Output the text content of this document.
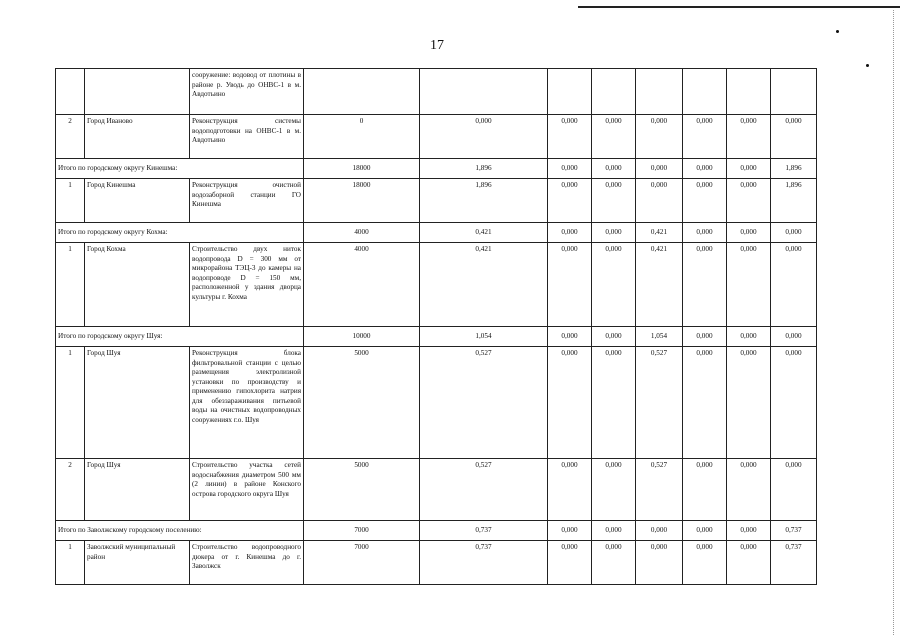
17
		сооружение: водовод от плотины в районе р. Уводь до ОНВС-1 в м. Авдотьино								
2	Город Иваново	Реконструкция системы водоподготовки на ОНВС-1 в м. Авдотьино	0	0,000	0,000	0,000	0,000	0,000	0,000	0,000
Итого по городскому округу Кинешма:			18000	1,896	0,000	0,000	0,000	0,000	0,000	1,896
1	Город Кинешма	Реконструкция очистной водозаборной станции ГО Кинешма	18000	1,896	0,000	0,000	0,000	0,000	0,000	1,896
Итого по городскому округу Кохма:			4000	0,421	0,000	0,000	0,421	0,000	0,000	0,000
1	Город Кохма	Строительство двух ниток водопровода D = 300 мм от микрорайона ТЭЦ-3 до камеры на водопроводе D = 150 мм, расположенной у здания дворца культуры г. Кохма	4000	0,421	0,000	0,000	0,421	0,000	0,000	0,000
Итого по городскому округу Шуя:			10000	1,054	0,000	0,000	1,054	0,000	0,000	0,000
1	Город Шуя	Реконструкция блока фильтровальной станции с целью размещения электролизной установки по производству и применению гипохлорита натрия для обеззараживания питьевой воды на очистных водопроводных сооружениях г.о. Шуя	5000	0,527	0,000	0,000	0,527	0,000	0,000	0,000
2	Город Шуя	Строительство участка сетей водоснабжения диаметром 500 мм (2 линии) в районе Конского острова городского округа Шуя	5000	0,527	0,000	0,000	0,527	0,000	0,000	0,000
Итого по Заволжскому городскому поселению:			7000	0,737	0,000	0,000	0,000	0,000	0,000	0,737
1	Заволжский муниципальный район	Строительство водопроводного дюкера от г. Кинешма до г. Заволжск	7000	0,737	0,000	0,000	0,000	0,000	0,000	0,737
